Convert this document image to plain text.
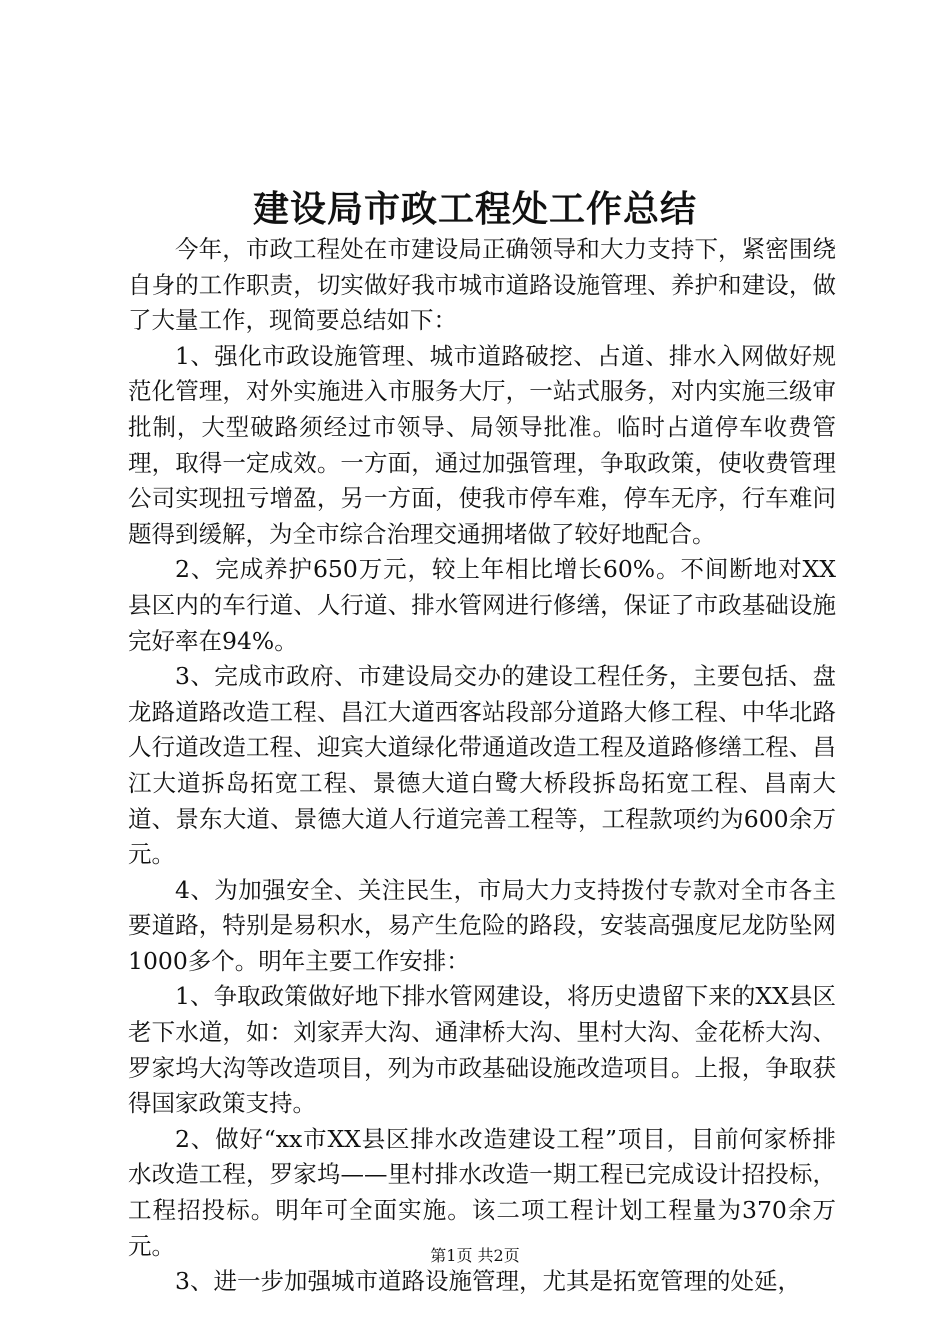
建设局市政工程处工作总结

今年，市政工程处在市建设局正确领导和大力支持下，紧密围绕自身的工作职责，切实做好我市城市道路设施管理、养护和建设，做了大量工作，现简要总结如下：

1、强化市政设施管理、城市道路破挖、占道、排水入网做好规范化管理，对外实施进入市服务大厅，一站式服务，对内实施三级审批制，大型破路须经过市领导、局领导批准。临时占道停车收费管理，取得一定成效。一方面，通过加强管理，争取政策，使收费管理公司实现扭亏增盈，另一方面，使我市停车难，停车无序，行车难问题得到缓解，为全市综合治理交通拥堵做了较好地配合。

2、完成养护650万元，较上年相比增长60%。不间断地对XX县区内的车行道、人行道、排水管网进行修缮，保证了市政基础设施完好率在94%。

3、完成市政府、市建设局交办的建设工程任务，主要包括、盘龙路道路改造工程、昌江大道西客站段部分道路大修工程、中华北路人行道改造工程、迎宾大道绿化带通道改造工程及道路修缮工程、昌江大道拆岛拓宽工程、景德大道白鹭大桥段拆岛拓宽工程、昌南大道、景东大道、景德大道人行道完善工程等，工程款项约为600余万元。

4、为加强安全、关注民生，市局大力支持拨付专款对全市各主要道路，特别是易积水，易产生危险的路段，安装高强度尼龙防坠网1000多个。明年主要工作安排：

1、争取政策做好地下排水管网建设，将历史遗留下来的XX县区老下水道，如：刘家弄大沟、通津桥大沟、里村大沟、金花桥大沟、罗家坞大沟等改造项目，列为市政基础设施改造项目。上报，争取获得国家政策支持。

2、做好“xx市XX县区排水改造建设工程”项目，目前何家桥排水改造工程，罗家坞——里村排水改造一期工程已完成设计招投标，工程招投标。明年可全面实施。该二项工程计划工程量为370余万元。

3、进一步加强城市道路设施管理，尤其是拓宽管理的处延，

第1页 共2页
